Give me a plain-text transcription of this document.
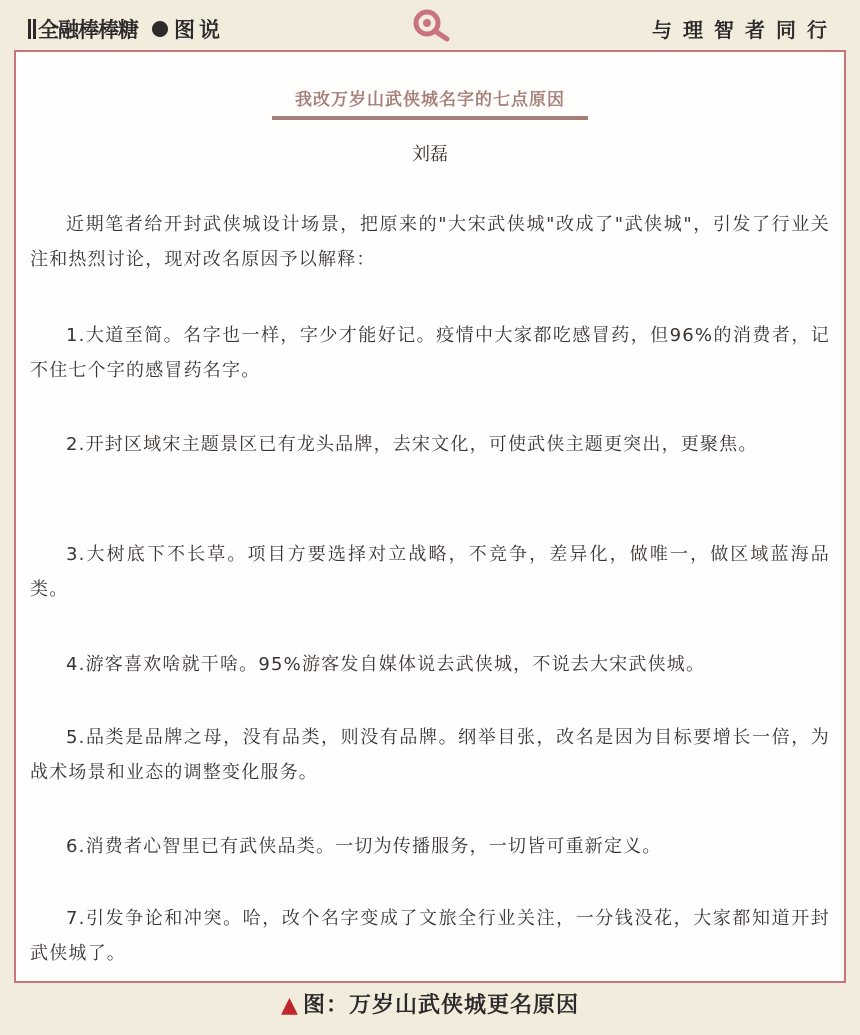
全融棒棒糖 图说	与理智者同行
我改万岁山武侠城名字的七点原因
刘磊

近期笔者给开封武侠城设计场景，把原来的"大宋武侠城"改成了"武侠城"，引发了行业关注和热烈讨论，现对改名原因予以解释：

1.大道至简。名字也一样，字少才能好记。疫情中大家都吃感冒药，但96%的消费者，记不住七个字的感冒药名字。

2.开封区域宋主题景区已有龙头品牌，去宋文化，可使武侠主题更突出，更聚焦。

3.大树底下不长草。项目方要选择对立战略，不竞争，差异化，做唯一，做区域蓝海品类。

4.游客喜欢啥就干啥。95%游客发自媒体说去武侠城，不说去大宋武侠城。

5.品类是品牌之母，没有品类，则没有品牌。纲举目张，改名是因为目标要增长一倍，为战术场景和业态的调整变化服务。

6.消费者心智里已有武侠品类。一切为传播服务，一切皆可重新定义。

7.引发争论和冲突。哈，改个名字变成了文旅全行业关注，一分钱没花，大家都知道开封武侠城了。

▲ 图：万岁山武侠城更名原因
